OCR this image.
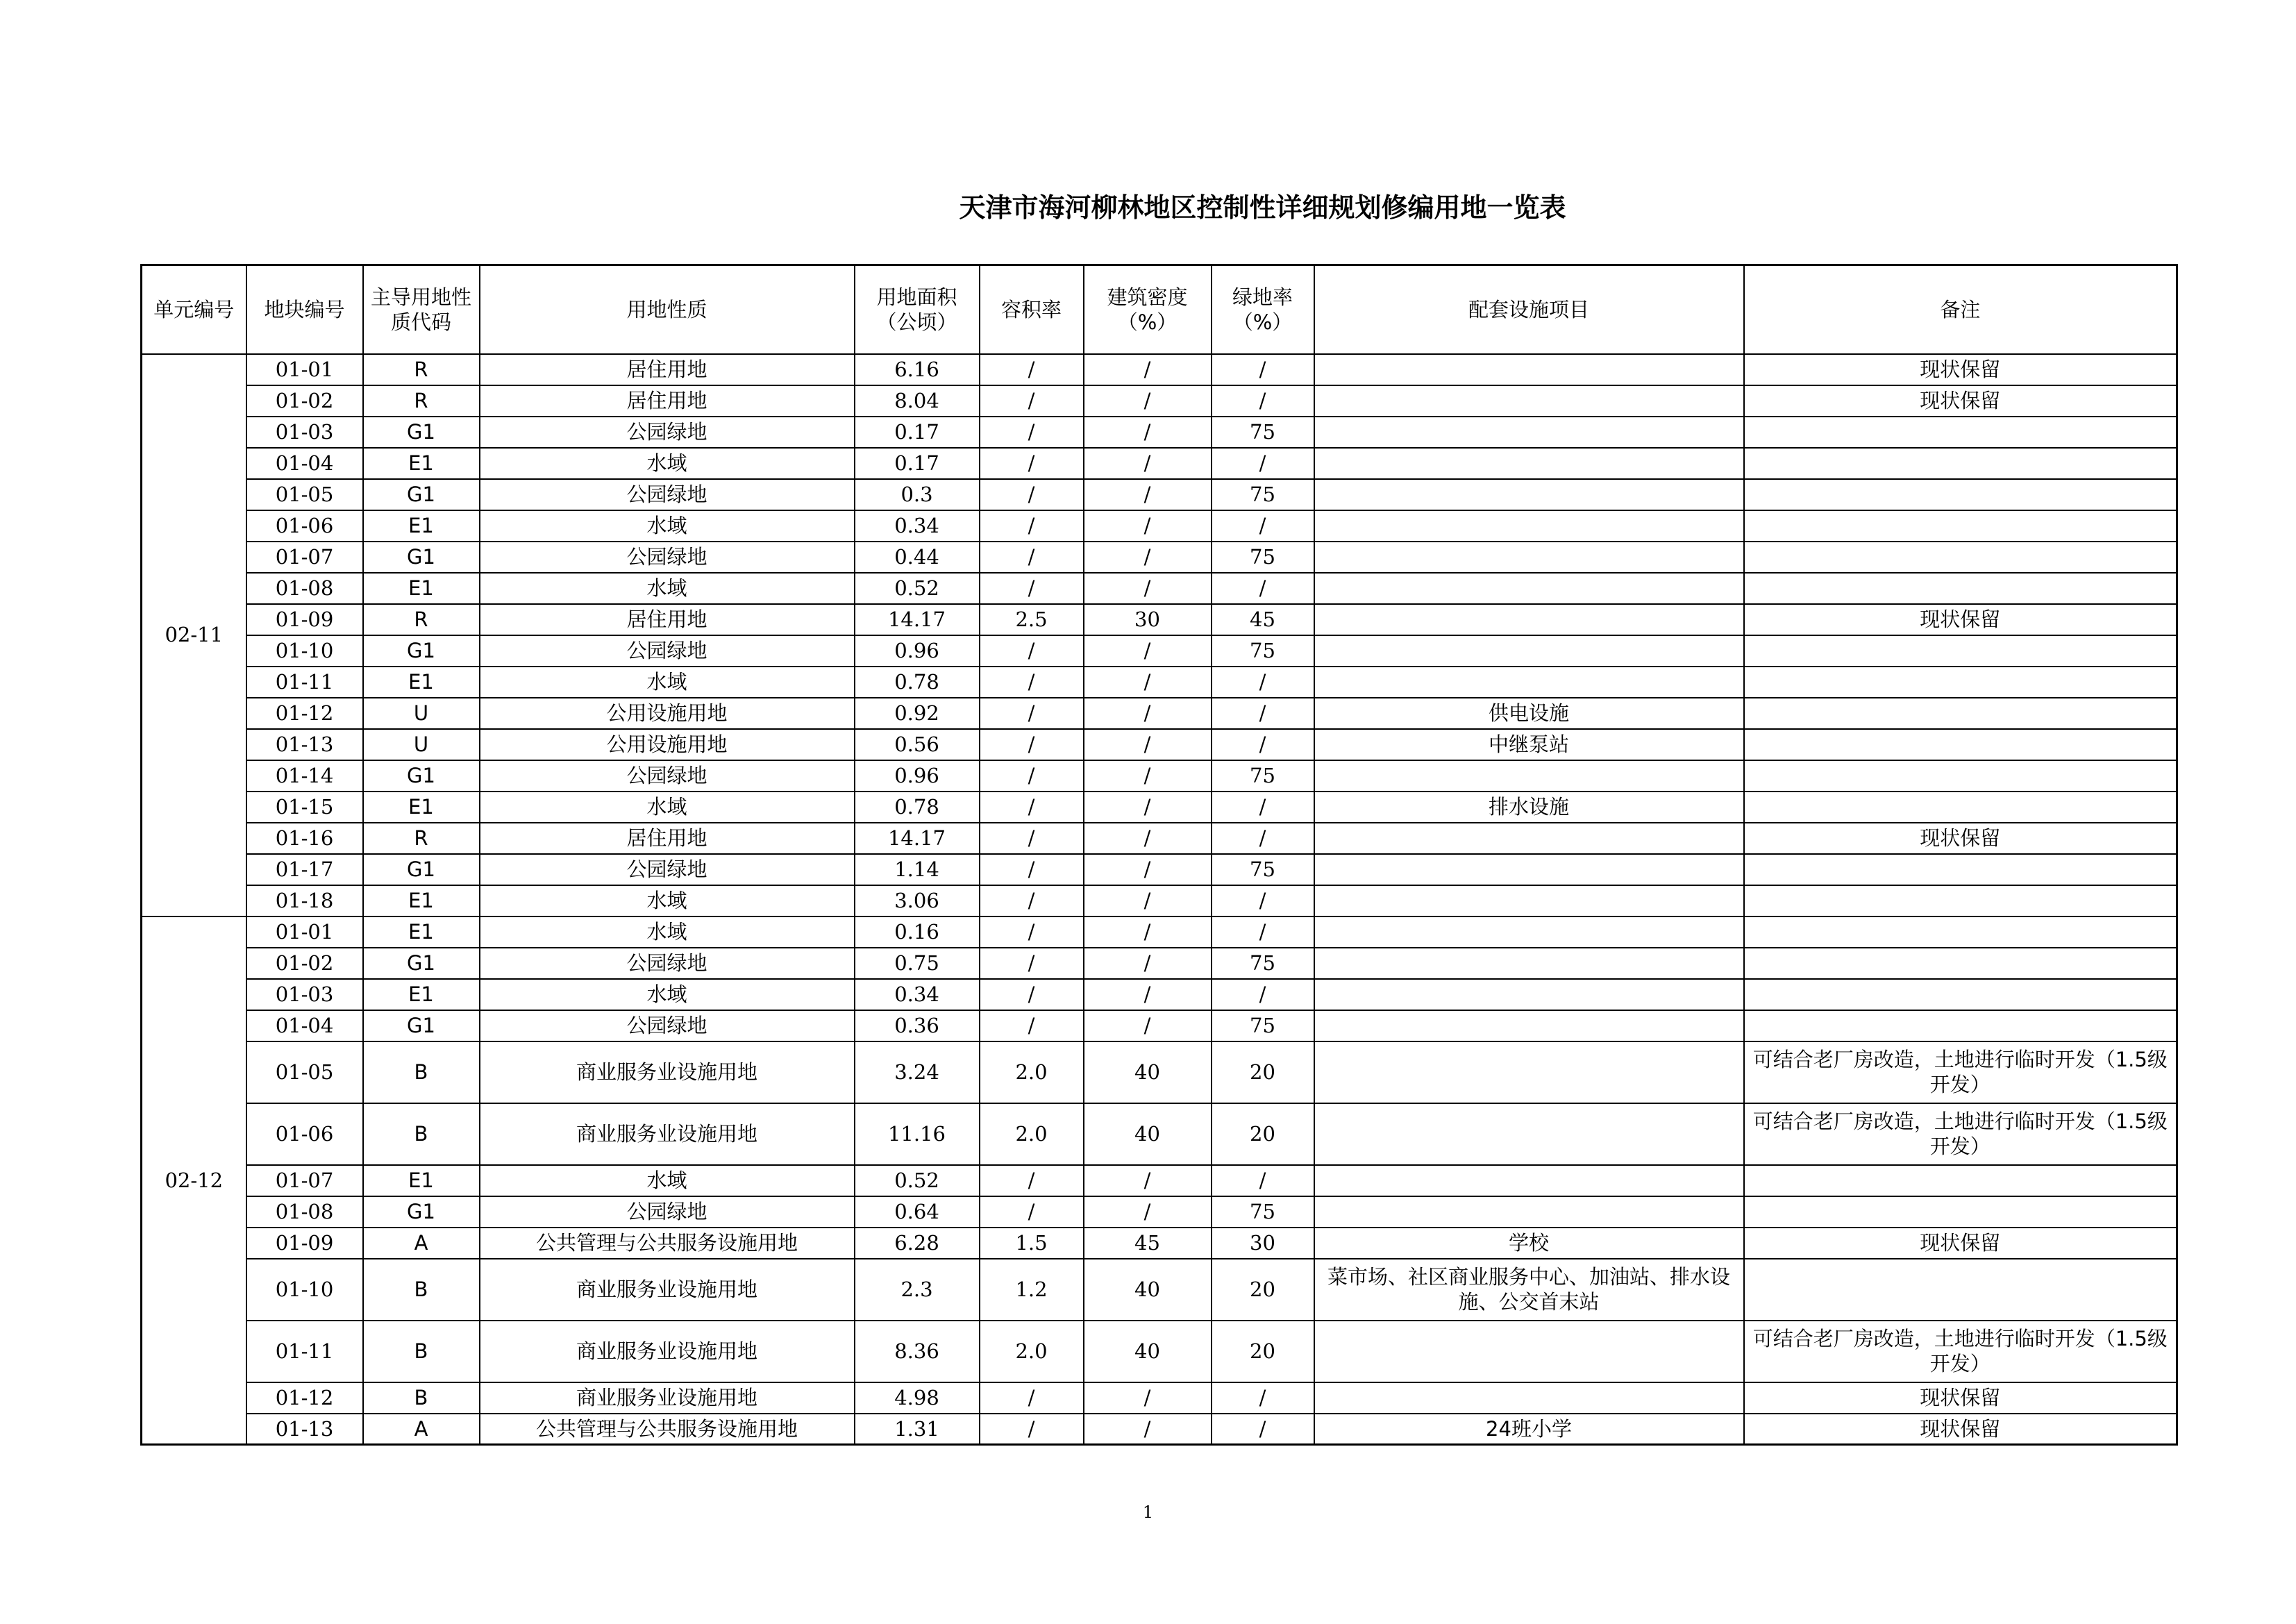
天津市海河柳林地区控制性详细规划修编用地一览表
单元编号	地块编号	主导用地性质代码	用地性质	用地面积（公顷）	容积率	建筑密度（%）	绿地率（%）	配套设施项目	备注
02-11	01-01	R	居住用地	6.16	/	/	/		现状保留
	01-02	R	居住用地	8.04	/	/	/		现状保留
	01-03	G1	公园绿地	0.17	/	/	75		
	01-04	E1	水域	0.17	/	/	/		
	01-05	G1	公园绿地	0.3	/	/	75		
	01-06	E1	水域	0.34	/	/	/		
	01-07	G1	公园绿地	0.44	/	/	75		
	01-08	E1	水域	0.52	/	/	/		
	01-09	R	居住用地	14.17	2.5	30	45		现状保留
	01-10	G1	公园绿地	0.96	/	/	75		
	01-11	E1	水域	0.78	/	/	/		
	01-12	U	公用设施用地	0.92	/	/	/	供电设施	
	01-13	U	公用设施用地	0.56	/	/	/	中继泵站	
	01-14	G1	公园绿地	0.96	/	/	75		
	01-15	E1	水域	0.78	/	/	/	排水设施	
	01-16	R	居住用地	14.17	/	/	/		现状保留
	01-17	G1	公园绿地	1.14	/	/	75		
	01-18	E1	水域	3.06	/	/	/		
02-12	01-01	E1	水域	0.16	/	/	/		
	01-02	G1	公园绿地	0.75	/	/	75		
	01-03	E1	水域	0.34	/	/	/		
	01-04	G1	公园绿地	0.36	/	/	75		
	01-05	B	商业服务业设施用地	3.24	2.0	40	20		可结合老厂房改造，土地进行临时开发（1.5级开发）
	01-06	B	商业服务业设施用地	11.16	2.0	40	20		可结合老厂房改造，土地进行临时开发（1.5级开发）
	01-07	E1	水域	0.52	/	/	/		
	01-08	G1	公园绿地	0.64	/	/	75		
	01-09	A	公共管理与公共服务设施用地	6.28	1.5	45	30	学校	现状保留
	01-10	B	商业服务业设施用地	2.3	1.2	40	20	菜市场、社区商业服务中心、加油站、排水设施、公交首末站	
	01-11	B	商业服务业设施用地	8.36	2.0	40	20		可结合老厂房改造，土地进行临时开发（1.5级开发）
	01-12	B	商业服务业设施用地	4.98	/	/	/		现状保留
	01-13	A	公共管理与公共服务设施用地	1.31	/	/	/	24班小学	现状保留
1
